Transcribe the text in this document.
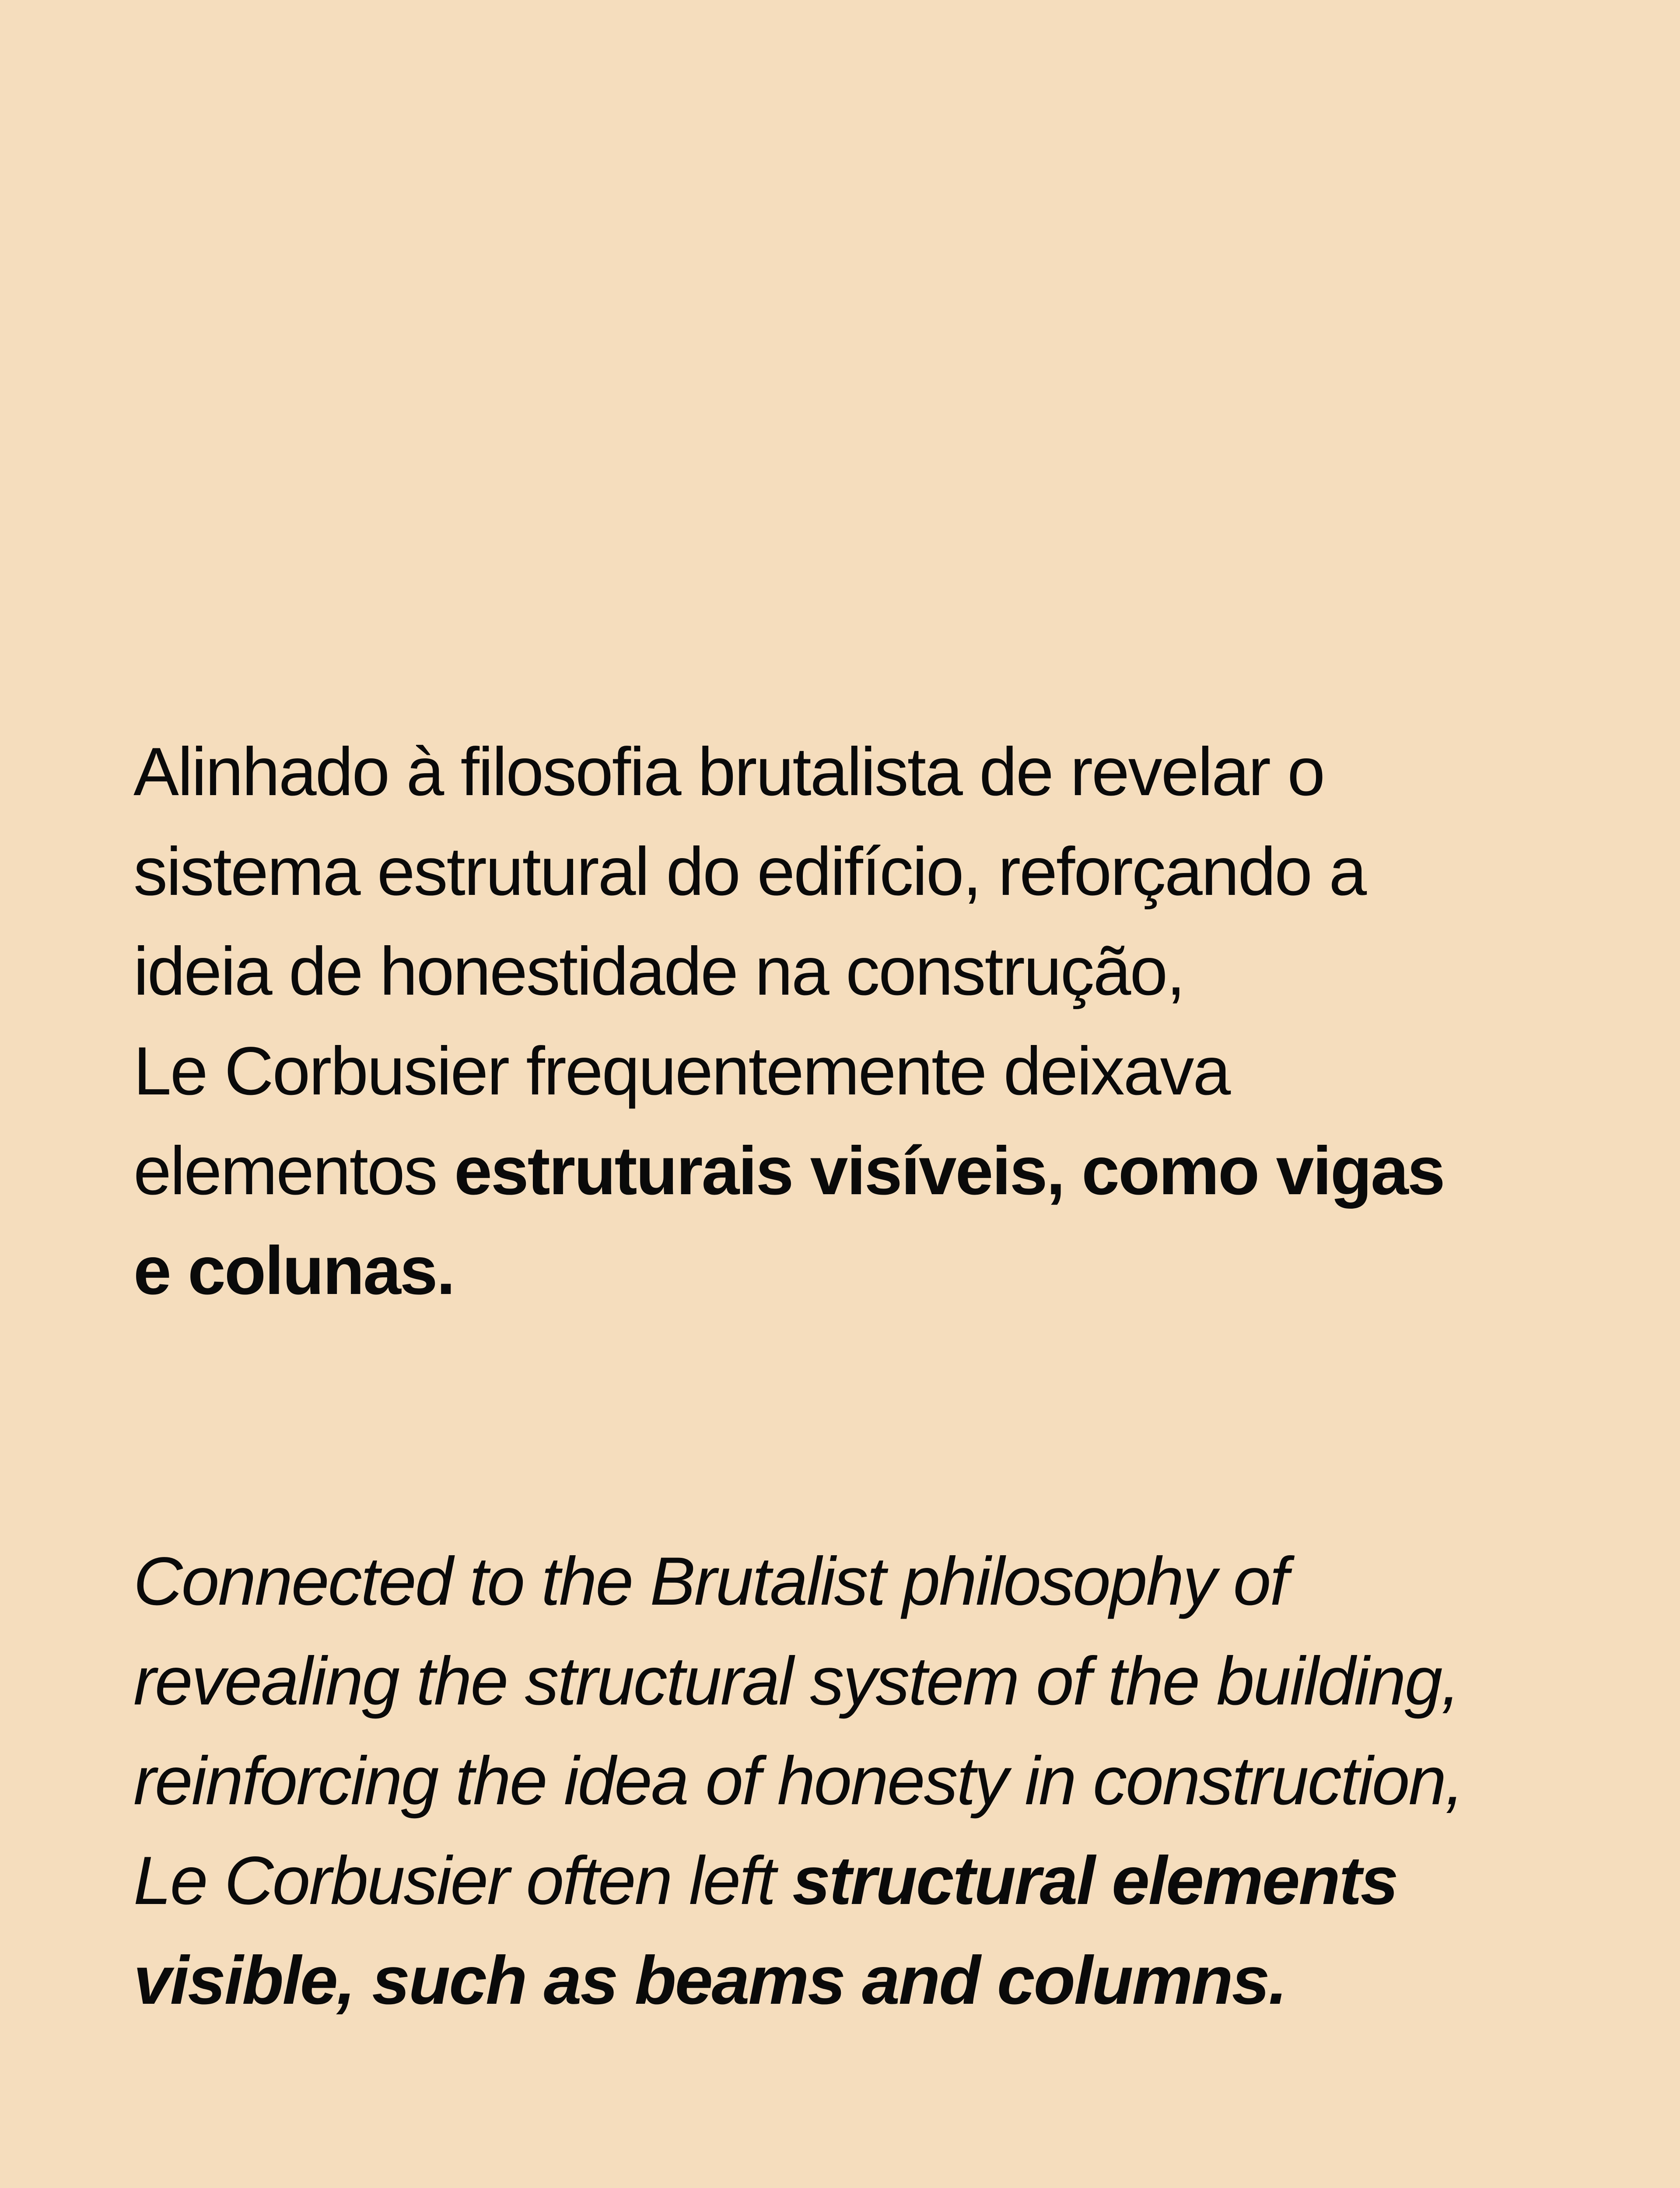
Alinhado à filosofia brutalista de revelar o
sistema estrutural do edifício, reforçando a
ideia de honestidade na construção,
Le Corbusier frequentemente deixava
elementos estruturais visíveis, como vigas
e colunas.

Connected to the Brutalist philosophy of
revealing the structural system of the building,
reinforcing the idea of honesty in construction,
Le Corbusier often left structural elements
visible, such as beams and columns.
